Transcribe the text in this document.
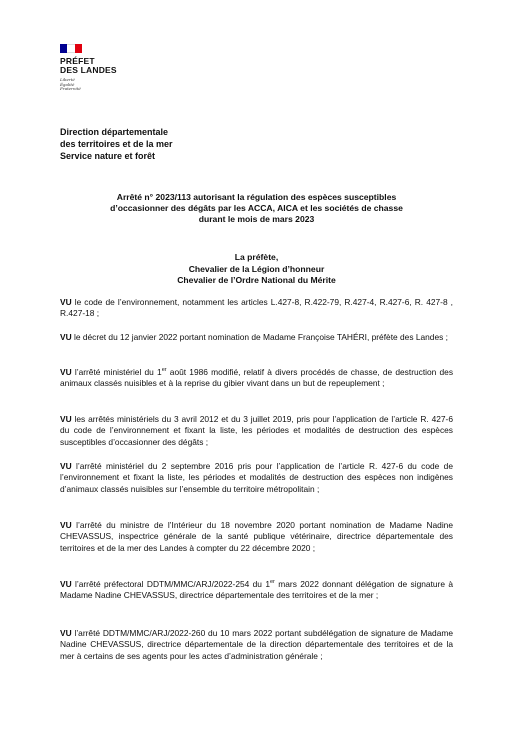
PRÉFET
DES LANDES
Liberté
Égalité
Fraternité
Direction départementale
des territoires et de la mer
Service nature et forêt
Arrêté n° 2023/113 autorisant la régulation des espèces susceptibles
d’occasionner des dégâts par les ACCA, AICA et les sociétés de chasse
durant le mois de mars 2023
La préfète,
Chevalier de la Légion d’honneur
Chevalier de l’Ordre National du Mérite
VU le code de l’environnement, notamment les articles L.427-8, R.422-79, R.427-4, R.427-6, R. 427-8 , R.427-18 ;
VU le décret du 12 janvier 2022 portant nomination de Madame Françoise TAHÉRI, préfète des Landes ;
VU l’arrêté ministériel du 1er août 1986 modifié, relatif à divers procédés de chasse, de destruction des animaux classés nuisibles et à la reprise du gibier vivant dans un but de repeuplement ;
VU les arrêtés ministériels du 3 avril 2012 et du 3 juillet 2019, pris pour l’application de l’article R. 427-6 du code de l’environnement et fixant la liste, les périodes et modalités de destruction des espèces susceptibles d’occasionner des dégâts ;
VU l’arrêté ministériel du 2 septembre 2016 pris pour l’application de l’article R. 427-6 du code de l’environnement et fixant la liste, les périodes et modalités de destruction des espèces non indigènes d’animaux classés nuisibles sur l’ensemble du territoire métropolitain ;
VU l’arrêté du ministre de l’Intérieur du 18 novembre 2020 portant nomination de Madame Nadine CHEVASSUS, inspectrice générale de la santé publique vétérinaire, directrice départementale des territoires et de la mer des Landes à compter du 22 décembre 2020 ;
VU l’arrêté préfectoral DDTM/MMC/ARJ/2022-254 du 1er mars 2022 donnant délégation de signature à Madame Nadine CHEVASSUS, directrice départementale des territoires et de la mer ;
VU l’arrêté DDTM/MMC/ARJ/2022-260 du 10 mars 2022 portant subdélégation de signature de Madame Nadine CHEVASSUS, directrice départementale de la direction départementale des territoires et de la mer à certains de ses agents pour les actes d’administration générale ;
